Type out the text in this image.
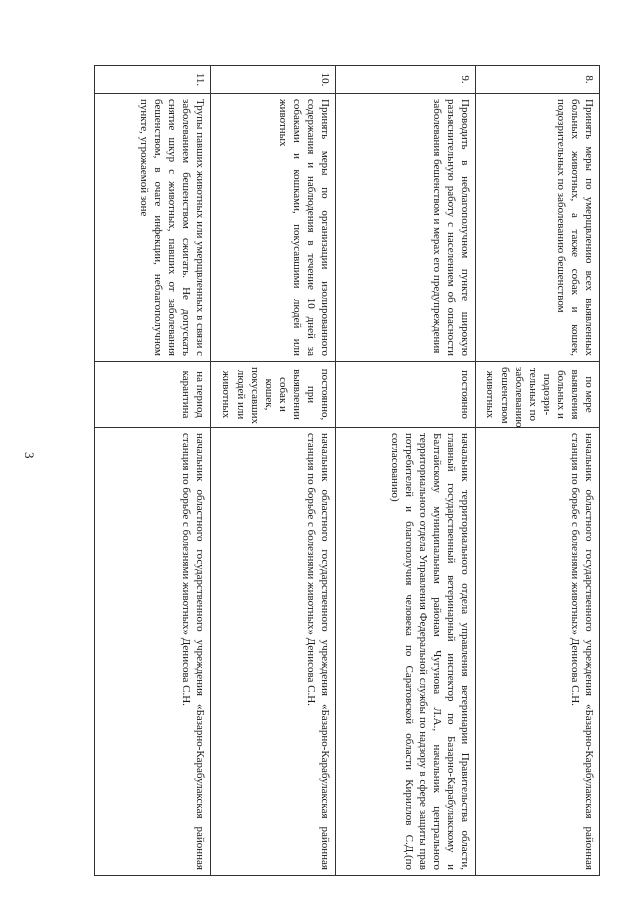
3
8.	Принять меры по умерщвлению всех выявленных больных животных, а также собак и кошек, подозрительных по заболеванию бешенством	по мере выявления больных и подозри-тельных по заболеванию бешенством животных	начальник областного государственного учреждения «Базарно-Карабулакская районная станция по борьбе с болезнями животных» Денисова С.Н.
9.	Проводить в неблагополучном пункте широкую разъяснительную работу с населением об опасности заболевания бешенством и мерах его предупреждения	постоянно	начальник территориального отдела управления ветеринарии Правительства области, главный государственный ветеринарный инспектор по Базарно-Карабулакскому и Балтайскому муниципальным районам Чугунова Л.А., начальник центрального территориального отдела Управления Федеральной службы по надзору в сфере защиты прав потребителей и благополучия человека по Саратовской области Кириллов С.Д.(по согласованию)
10.	Принять меры по организации изолированного содержания и наблюдения в течение 10 дней за собаками и кошками, покусавшими людей или животных	постоянно, при выявлении собак и кошек, покусавших людей или животных	начальник областного государственного учреждения «Базарно-Карабулакская районная станция по борьбе с болезнями животных» Денисова С.Н.
11.	Трупы павших животных или умерщвленных в связи с заболеванием бешенством сжигать. Не допускать снятие шкур с животных, павших от заболевания бешенством, в очаге инфекции, неблагополучном пункте, угрожаемой зоне	на период карантина	начальник областного государственного учреждения «Базарно-Карабулакская районная станция по борьбе с болезнями животных» Денисова С.Н.
